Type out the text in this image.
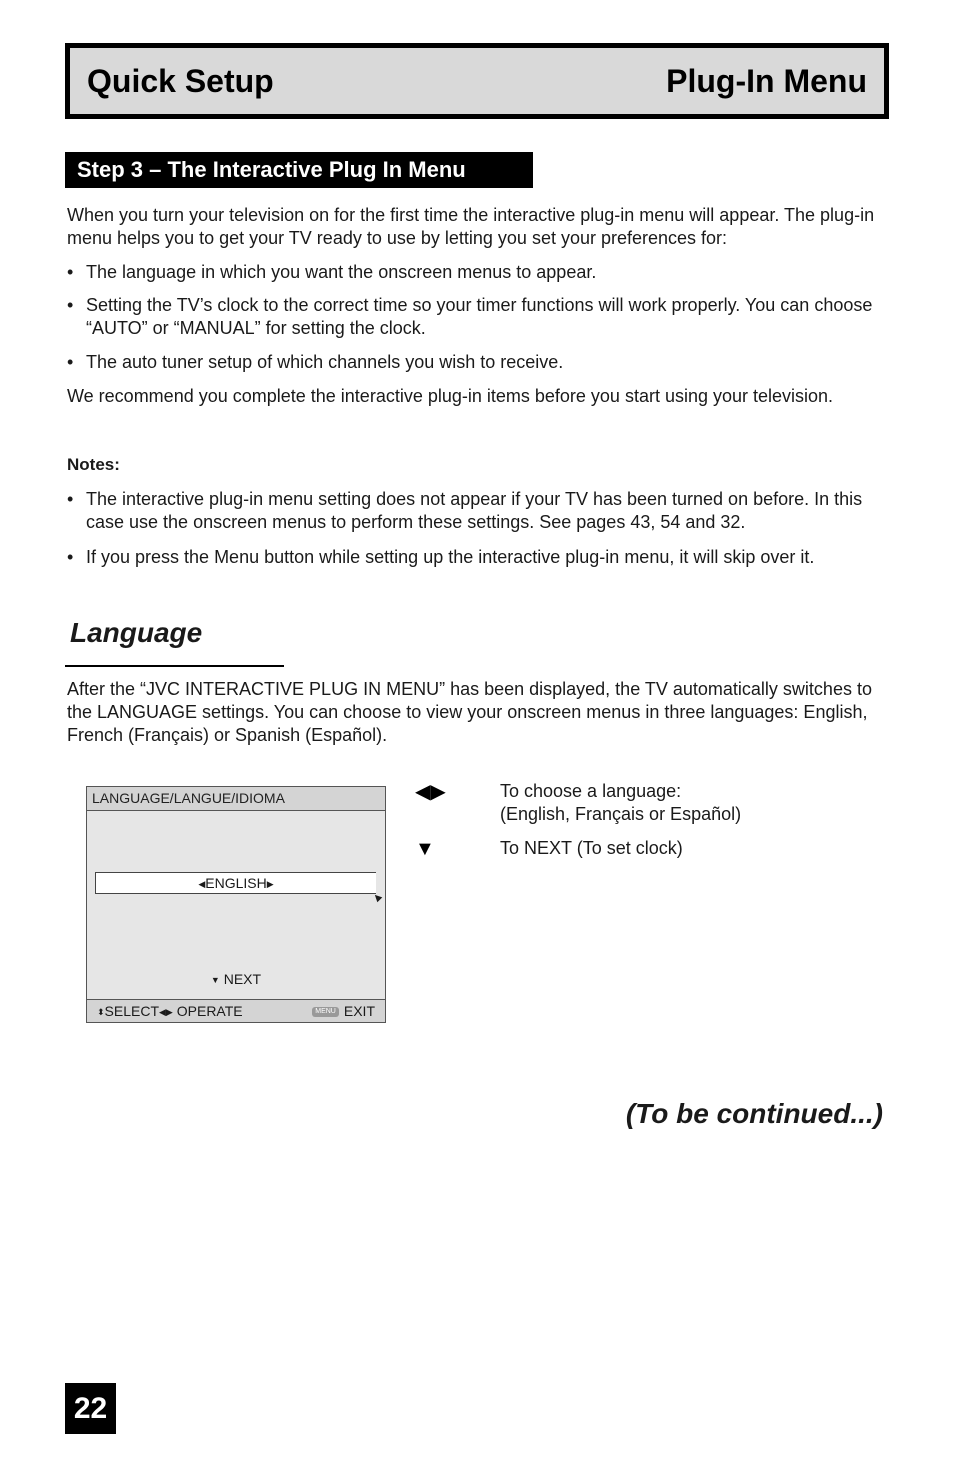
Quick Setup	Plug-In Menu
Step 3 – The Interactive Plug In Menu

When you turn your television on for the first time the interactive plug-in menu will appear. The plug-in menu helps you to get your TV ready to use by letting you set your preferences for:

• The language in which you want the onscreen menus to appear.
• Setting the TV’s clock to the correct time so your timer functions will work properly. You can choose “AUTO” or “MANUAL” for setting the clock.
• The auto tuner setup of which channels you wish to receive.

We recommend you complete the interactive plug-in items before you start using your television.

Notes:
• The interactive plug-in menu setting does not appear if your TV has been turned on before. In this case use the onscreen menus to perform these settings. See pages 43, 54 and 32.
• If you press the Menu button while setting up the interactive plug-in menu, it will skip over it.
Language

After the “JVC INTERACTIVE PLUG IN MENU” has been displayed, the TV automatically switches to the LANGUAGE settings. You can choose to view your onscreen menus in three languages: English, French (Français) or Spanish (Español).

LANGUAGE/LANGUE/IDIOMA
◀ENGLISH▶
▲
▼ NEXT
⬍SELECT◀▶ OPERATE	MENU EXIT
◀▶	To choose a language:
(English, Français or Español)
▼	To NEXT (To set clock)
(To be continued...)
22
